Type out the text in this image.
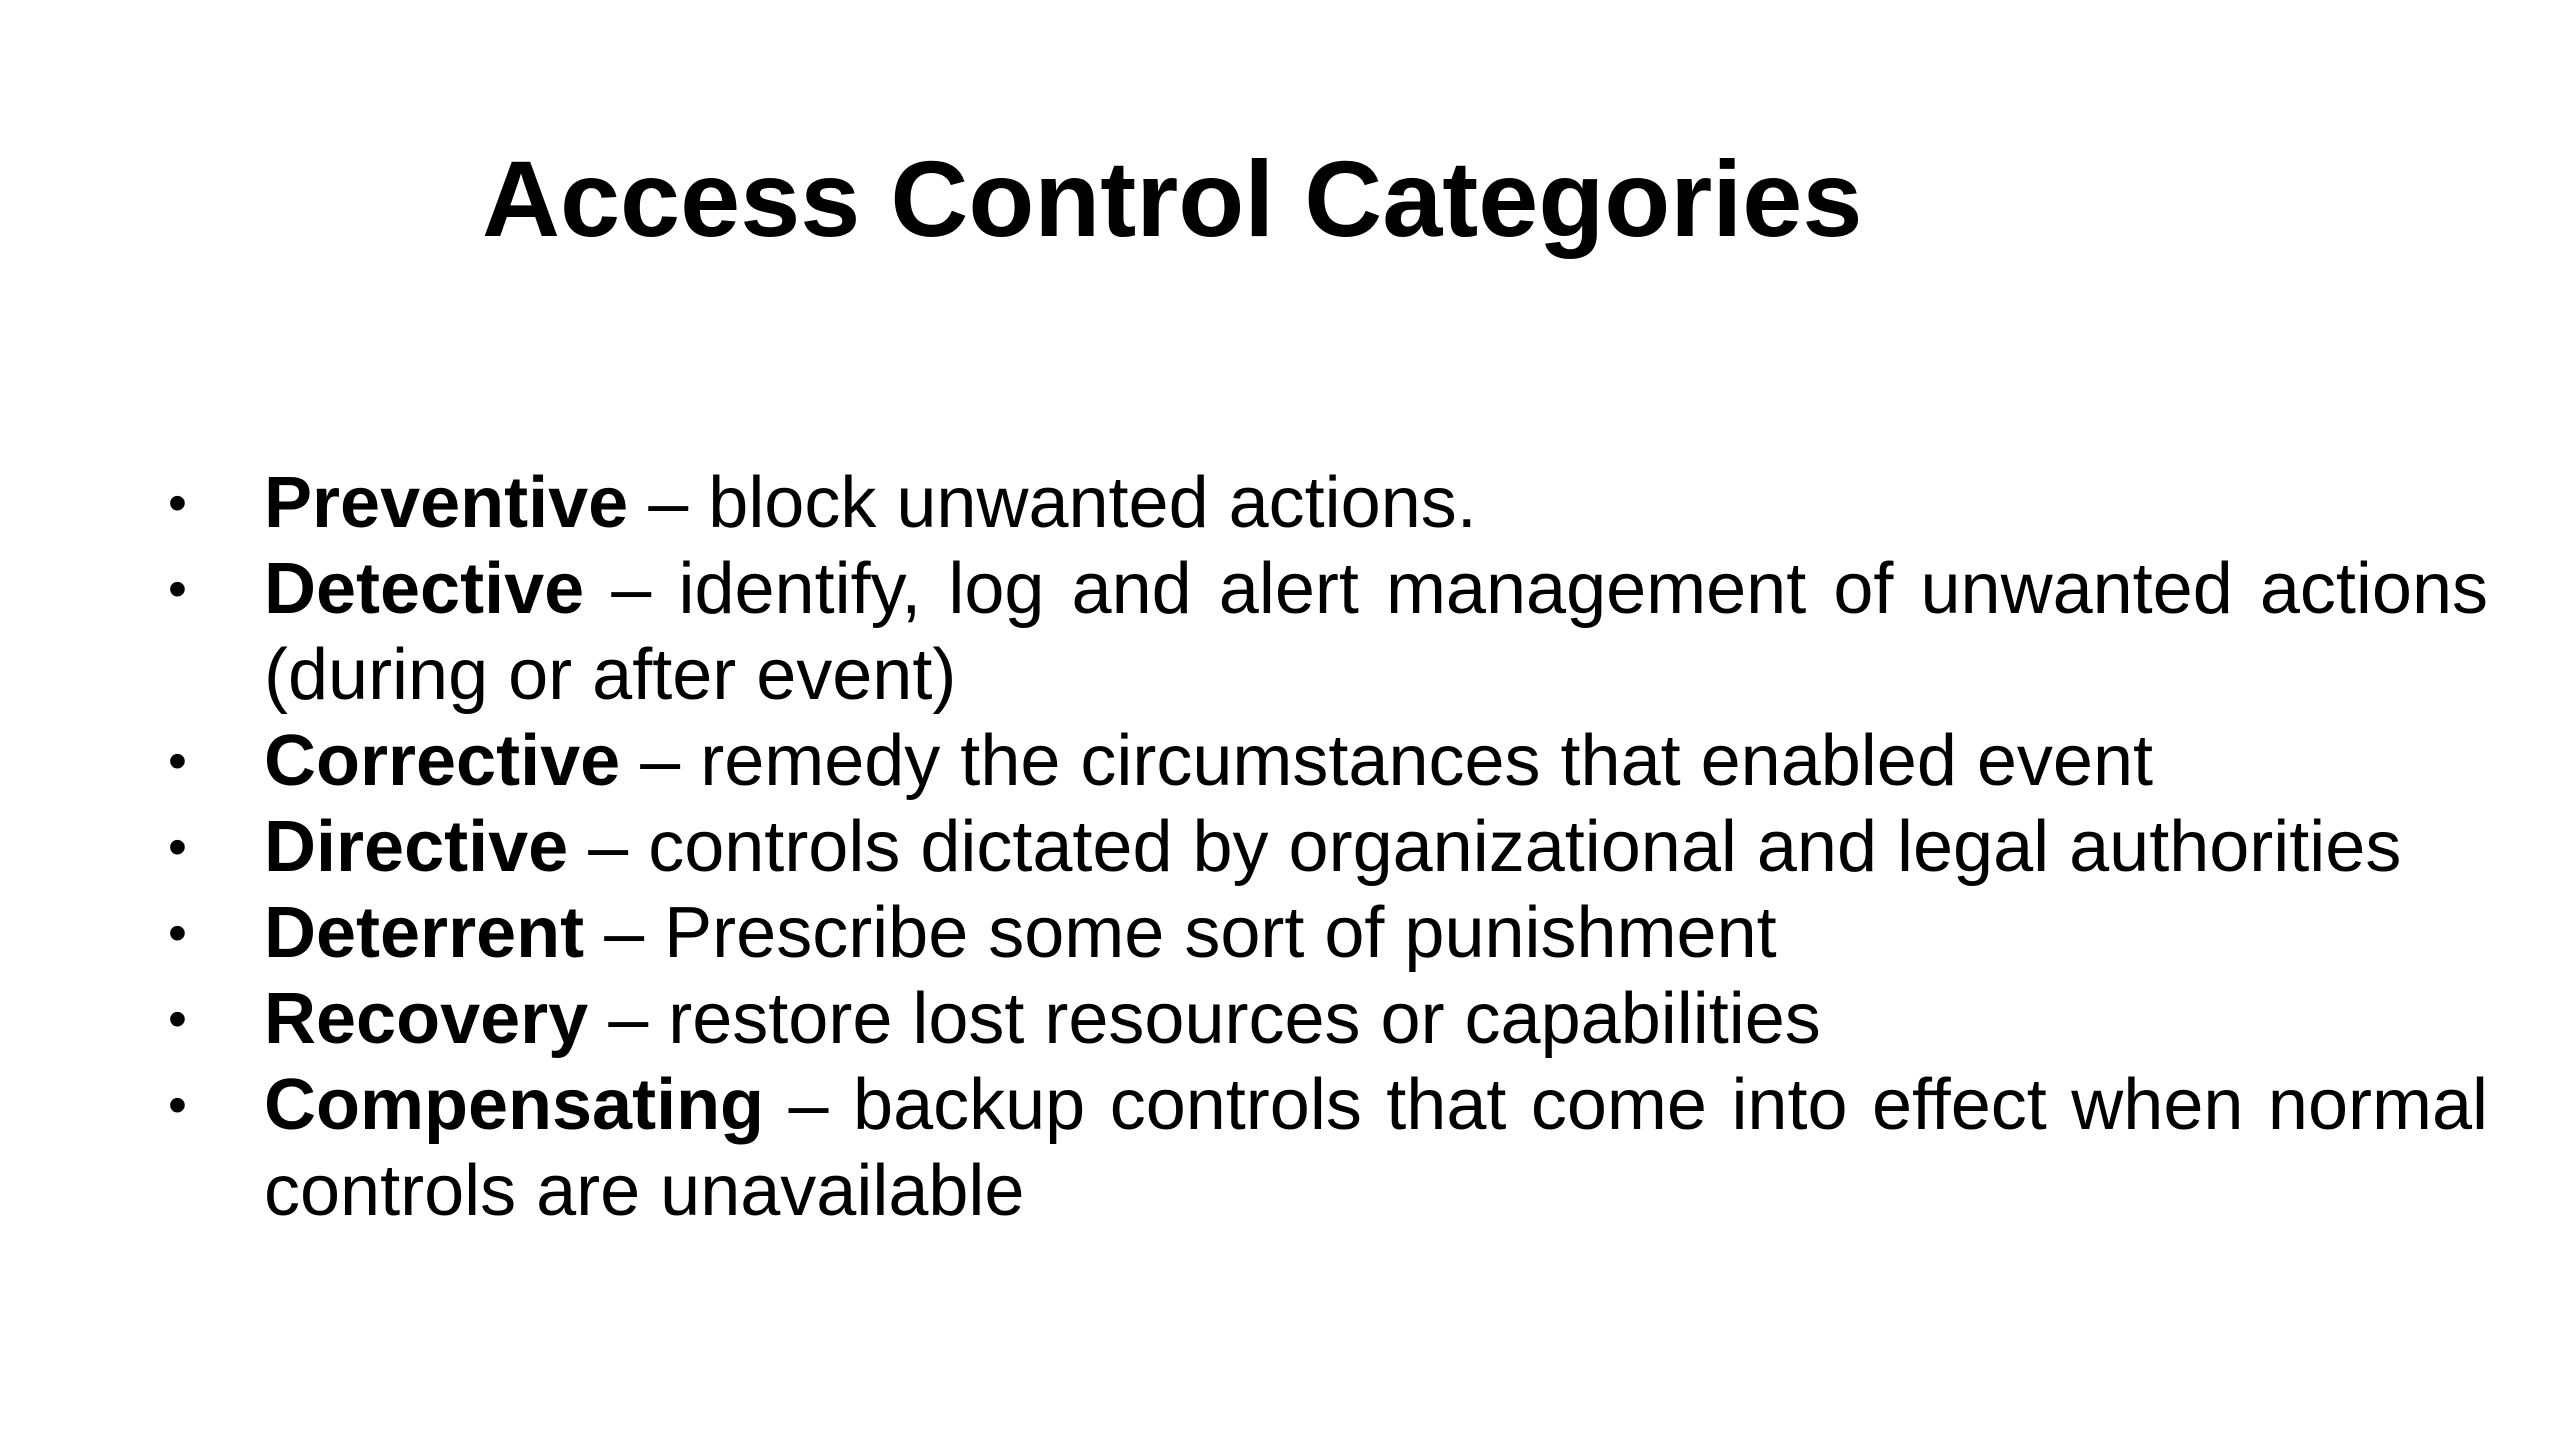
Access Control Categories
•	Preventive – block unwanted actions.
•	Detective – identify, log and alert management of unwanted actions (during or after event)
•	Corrective – remedy the circumstances that enabled event
•	Directive – controls dictated by organizational and legal authorities
•	Deterrent – Prescribe some sort of punishment
•	Recovery – restore lost resources or capabilities
•	Compensating – backup controls that come into effect when normal controls are unavailable
